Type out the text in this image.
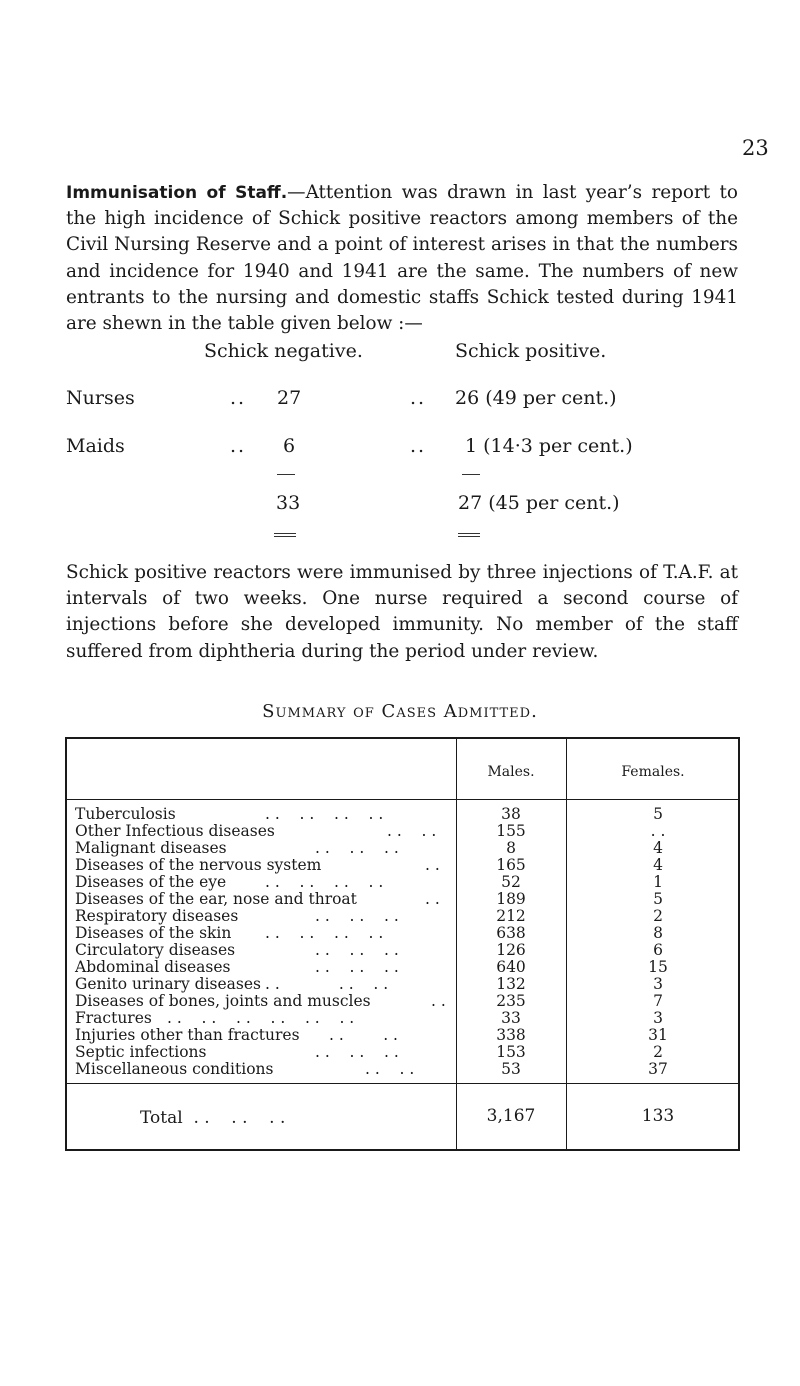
23

Immunisation of Staff.—Attention was drawn in last year’s report to the high incidence of Schick positive reactors among members of the Civil Nursing Reserve and a point of interest arises in that the numbers and incidence for 1940 and 1941 are the same. The numbers of new entrants to the nursing and domestic staffs Schick tested during 1941 are shewn in the table given below :—

Schick negative.	Schick positive.
Nurses	.. 27	.. 26 (49 per cent.)
Maids	.. 6	.. 1 (14·3 per cent.)
33	27 (45 per cent.)

Schick positive reactors were immunised by three injections of T.A.F. at intervals of two weeks. One nurse required a second course of injections before she developed immunity. No member of the staff suffered from diphtheria during the period under review.

Summary of Cases Admitted.
Males.	Females.
Tuberculosis	. .    . .    . .    . .	38	5
Other Infectious diseases	. .    . .	155	. .
Malignant diseases	. .    . .    . .	8	4
Diseases of the nervous system	. .	165	4
Diseases of the eye	. .    . .    . .    . .	52	1
Diseases of the ear, nose and throat	. .	189	5
Respiratory diseases	. .    . .    . .	212	2
Diseases of the skin . .    . .    . .    . .	638	8
Circulatory diseases	. .    . .    . .	126	6
Abdominal diseases	. .    . .    . .	640	15
Genito urinary diseases . .            . .    . .	132	3
Diseases of bones, joints and muscles	. .	235	7
Fractures . .    . .    . .    . .    . .    . .	33	3
Injuries other than fractures . .        . .	338	31
Septic infections	. .    . .    . .	153	2
Miscellaneous conditions	. .    . .	53	37
Total  . .    . .    . .	3,167	133
